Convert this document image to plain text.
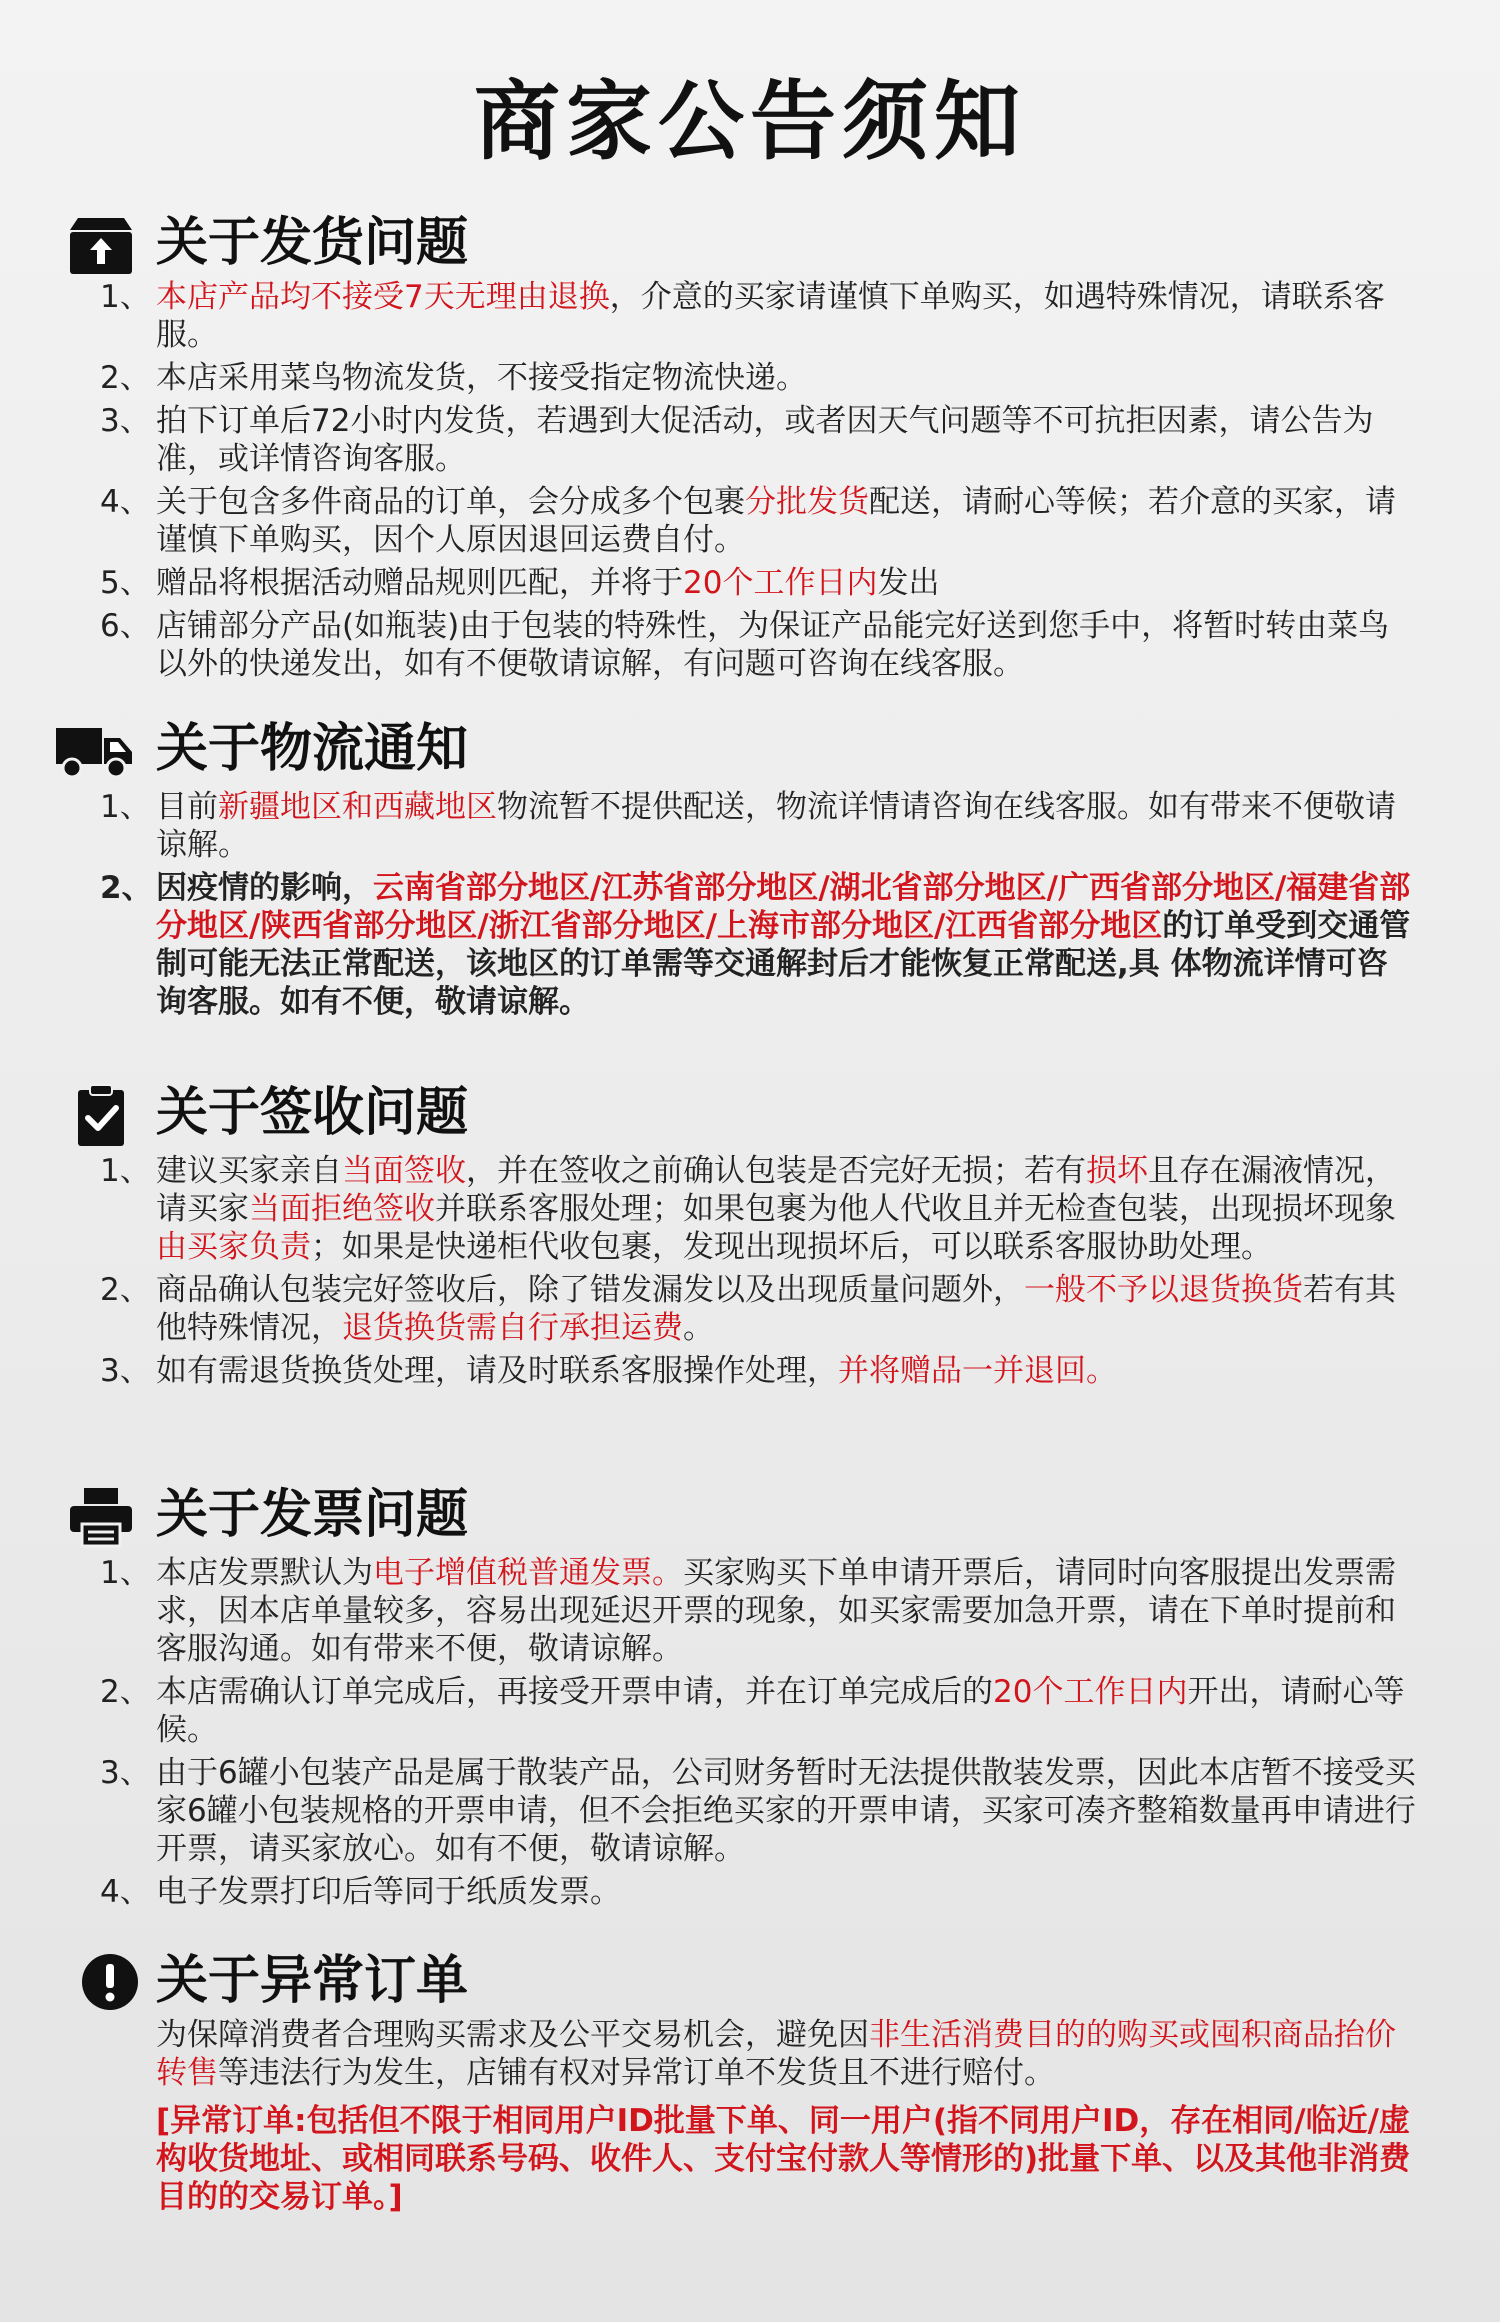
商家公告须知
关于发货问题
1、 本店产品均不接受7天无理由退换，介意的买家请谨慎下单购买，如遇特殊情况，请联系客服。
2、 本店采用菜鸟物流发货，不接受指定物流快递。
3、 拍下订单后72小时内发货，若遇到大促活动，或者因天气问题等不可抗拒因素，请公告为准，或详情咨询客服。
4、 关于包含多件商品的订单，会分成多个包裹分批发货配送，请耐心等候；若介意的买家，请谨慎下单购买，因个人原因退回运费自付。
5、 赠品将根据活动赠品规则匹配，并将于20个工作日内发出
6、 店铺部分产品(如瓶装)由于包装的特殊性，为保证产品能完好送到您手中，将暂时转由菜鸟以外的快递发出，如有不便敬请谅解，有问题可咨询在线客服。
关于物流通知
1、 目前新疆地区和西藏地区物流暂不提供配送，物流详情请咨询在线客服。如有带来不便敬请谅解。
2、 因疫情的影响，云南省部分地区/江苏省部分地区/湖北省部分地区/广西省部分地区/福建省部分地区/陕西省部分地区/浙江省部分地区/上海市部分地区/江西省部分地区的订单受到交通管制可能无法正常配送，该地区的订单需等交通解封后才能恢复正常配送,具 体物流详情可咨询客服。如有不便，敬请谅解。
关于签收问题
1、 建议买家亲自当面签收，并在签收之前确认包装是否完好无损；若有损坏且存在漏液情况，请买家当面拒绝签收并联系客服处理；如果包裹为他人代收且并无检查包装，出现损坏现象由买家负责；如果是快递柜代收包裹，发现出现损坏后，可以联系客服协助处理。
2、 商品确认包装完好签收后，除了错发漏发以及出现质量问题外，一般不予以退货换货若有其他特殊情况，退货换货需自行承担运费。
3、 如有需退货换货处理，请及时联系客服操作处理，并将赠品一并退回。
关于发票问题
1、 本店发票默认为电子增值税普通发票。买家购买下单申请开票后，请同时向客服提出发票需求，因本店单量较多，容易出现延迟开票的现象，如买家需要加急开票，请在下单时提前和客服沟通。如有带来不便，敬请谅解。
2、 本店需确认订单完成后，再接受开票申请，并在订单完成后的20个工作日内开出，请耐心等候。
3、 由于6罐小包装产品是属于散装产品，公司财务暂时无法提供散装发票，因此本店暂不接受买家6罐小包装规格的开票申请，但不会拒绝买家的开票申请，买家可凑齐整箱数量再申请进行开票，请买家放心。如有不便，敬请谅解。
4、 电子发票打印后等同于纸质发票。
关于异常订单
为保障消费者合理购买需求及公平交易机会，避免因非生活消费目的的购买或囤积商品抬价转售等违法行为发生，店铺有权对异常订单不发货且不进行赔付。
[异常订单:包括但不限于相同用户ID批量下单、同一用户(指不同用户ID，存在相同/临近/虚构收货地址、或相同联系号码、收件人、支付宝付款人等情形的)批量下单、以及其他非消费目的的交易订单。]
